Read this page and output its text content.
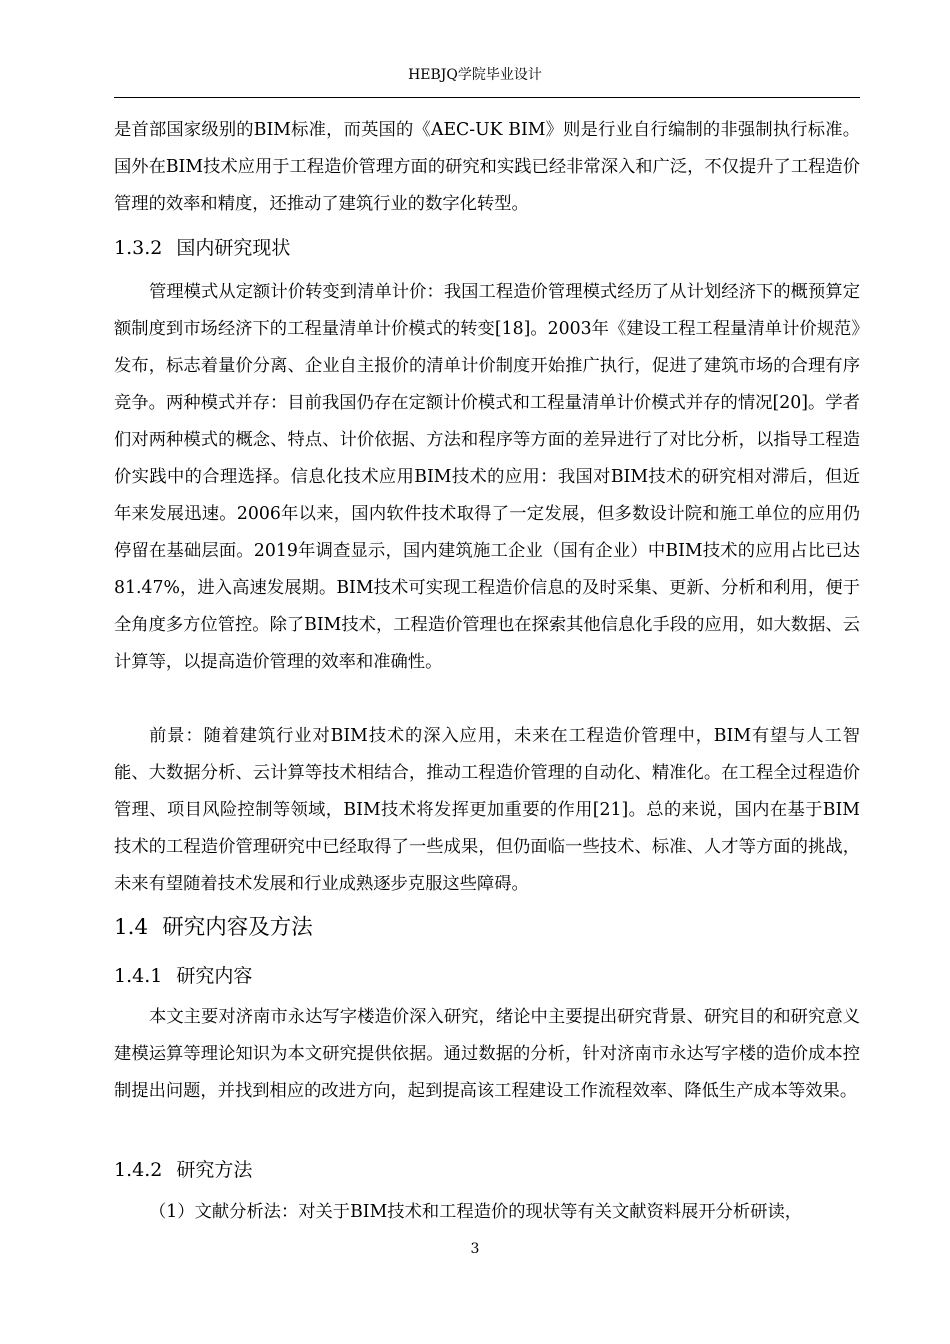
HEBJQ学院毕业设计

是首部国家级别的BIM标准，而英国的《AEC-UK BIM》则是行业自行编制的非强制执行标准。国外在BIM技术应用于工程造价管理方面的研究和实践已经非常深入和广泛，不仅提升了工程造价管理的效率和精度，还推动了建筑行业的数字化转型。

1.3.2 国内研究现状

管理模式从定额计价转变到清单计价：我国工程造价管理模式经历了从计划经济下的概预算定额制度到市场经济下的工程量清单计价模式的转变[18]。2003年《建设工程工程量清单计价规范》发布，标志着量价分离、企业自主报价的清单计价制度开始推广执行，促进了建筑市场的合理有序竞争。两种模式并存：目前我国仍存在定额计价模式和工程量清单计价模式并存的情况[20]。学者们对两种模式的概念、特点、计价依据、方法和程序等方面的差异进行了对比分析，以指导工程造价实践中的合理选择。信息化技术应用BIM技术的应用：我国对BIM技术的研究相对滞后，但近年来发展迅速。2006年以来，国内软件技术取得了一定发展，但多数设计院和施工单位的应用仍停留在基础层面。2019年调查显示，国内建筑施工企业（国有企业）中BIM技术的应用占比已达81.47%，进入高速发展期。BIM技术可实现工程造价信息的及时采集、更新、分析和利用，便于全角度多方位管控。除了BIM技术，工程造价管理也在探索其他信息化手段的应用，如大数据、云计算等，以提高造价管理的效率和准确性。

前景：随着建筑行业对BIM技术的深入应用，未来在工程造价管理中，BIM有望与人工智能、大数据分析、云计算等技术相结合，推动工程造价管理的自动化、精准化。在工程全过程造价管理、项目风险控制等领域，BIM技术将发挥更加重要的作用[21]。总的来说，国内在基于BIM技术的工程造价管理研究中已经取得了一些成果，但仍面临一些技术、标准、人才等方面的挑战，未来有望随着技术发展和行业成熟逐步克服这些障碍。

1.4 研究内容及方法
1.4.1 研究内容

本文主要对济南市永达写字楼造价深入研究，绪论中主要提出研究背景、研究目的和研究意义建模运算等理论知识为本文研究提供依据。通过数据的分析，针对济南市永达写字楼的造价成本控制提出问题，并找到相应的改进方向，起到提高该工程建设工作流程效率、降低生产成本等效果。

1.4.2 研究方法

（1）文献分析法：对关于BIM技术和工程造价的现状等有关文献资料展开分析研读，

3
